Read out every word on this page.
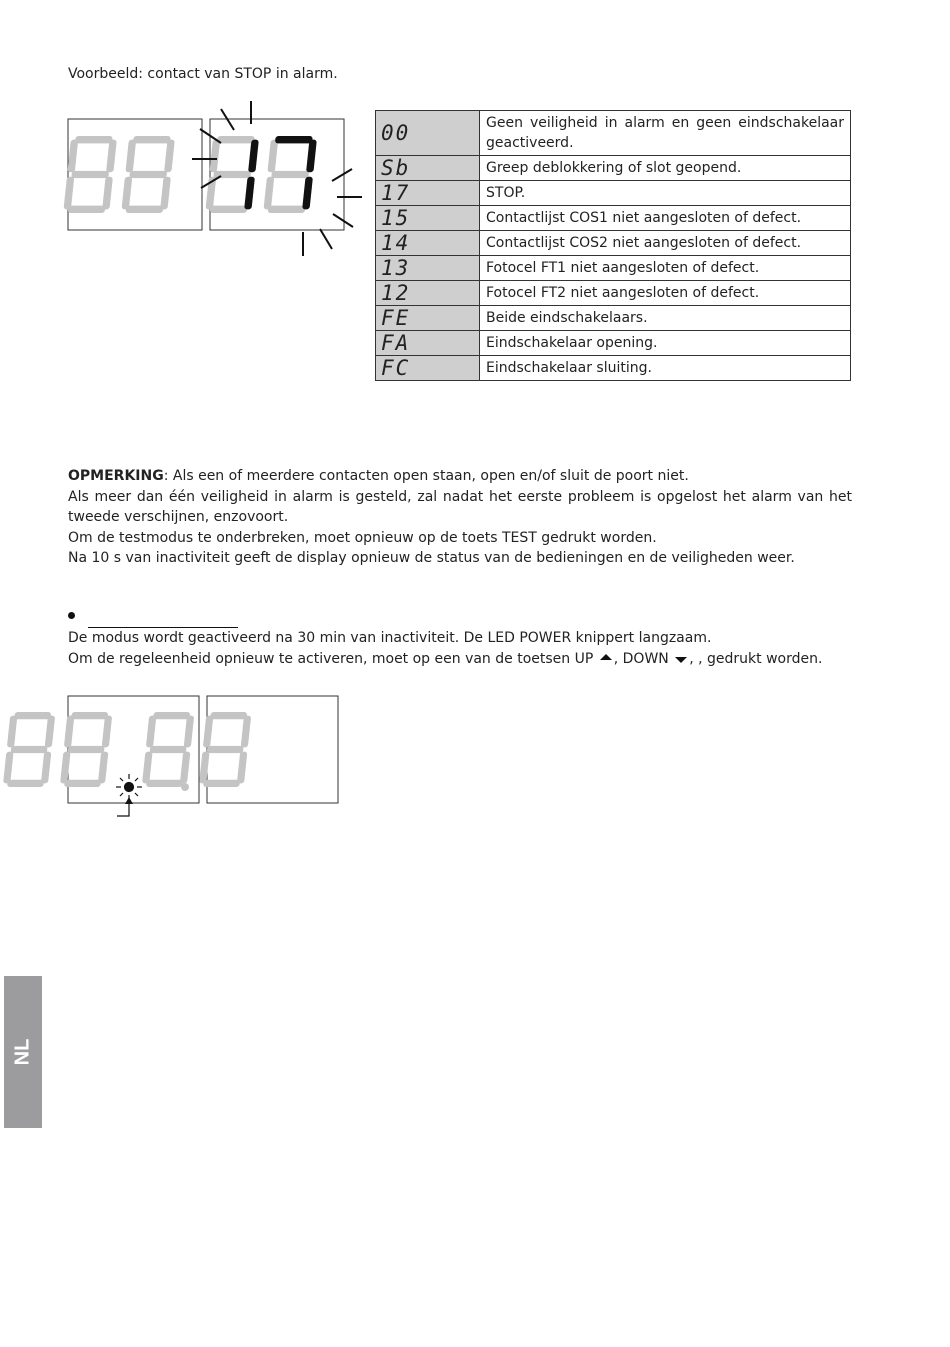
Voorbeeld: contact van STOP in alarm.
00	Geen veiligheid in alarm en geen eindschakelaar geactiveerd.
Sb	Greep deblokkering of slot geopend.
17	STOP.
15	Contactlijst COS1 niet aangesloten of defect.
14	Contactlijst COS2 niet aangesloten of defect.
13	Fotocel FT1 niet aangesloten of defect.
12	Fotocel FT2 niet aangesloten of defect.
FE	Beide eindschakelaars.
FA	Eindschakelaar opening.
FC	Eindschakelaar sluiting.

OPMERKING: Als een of meerdere contacten open staan, open en/of sluit de poort niet.

Als meer dan één veiligheid in alarm is gesteld, zal nadat het eerste probleem is opgelost het alarm van het tweede verschijnen, enzovoort.

Om de testmodus te onderbreken, moet opnieuw op de toets TEST gedrukt worden.

Na 10 s van inactiviteit geeft de display opnieuw de status van de bedieningen en de veiligheden weer.

De modus wordt geactiveerd na 30 min van inactiviteit. De LED POWER knippert langzaam.

Om de regeleenheid opnieuw te activeren, moet op een van de toetsen UP , DOWN , , gedrukt worden.

NL
